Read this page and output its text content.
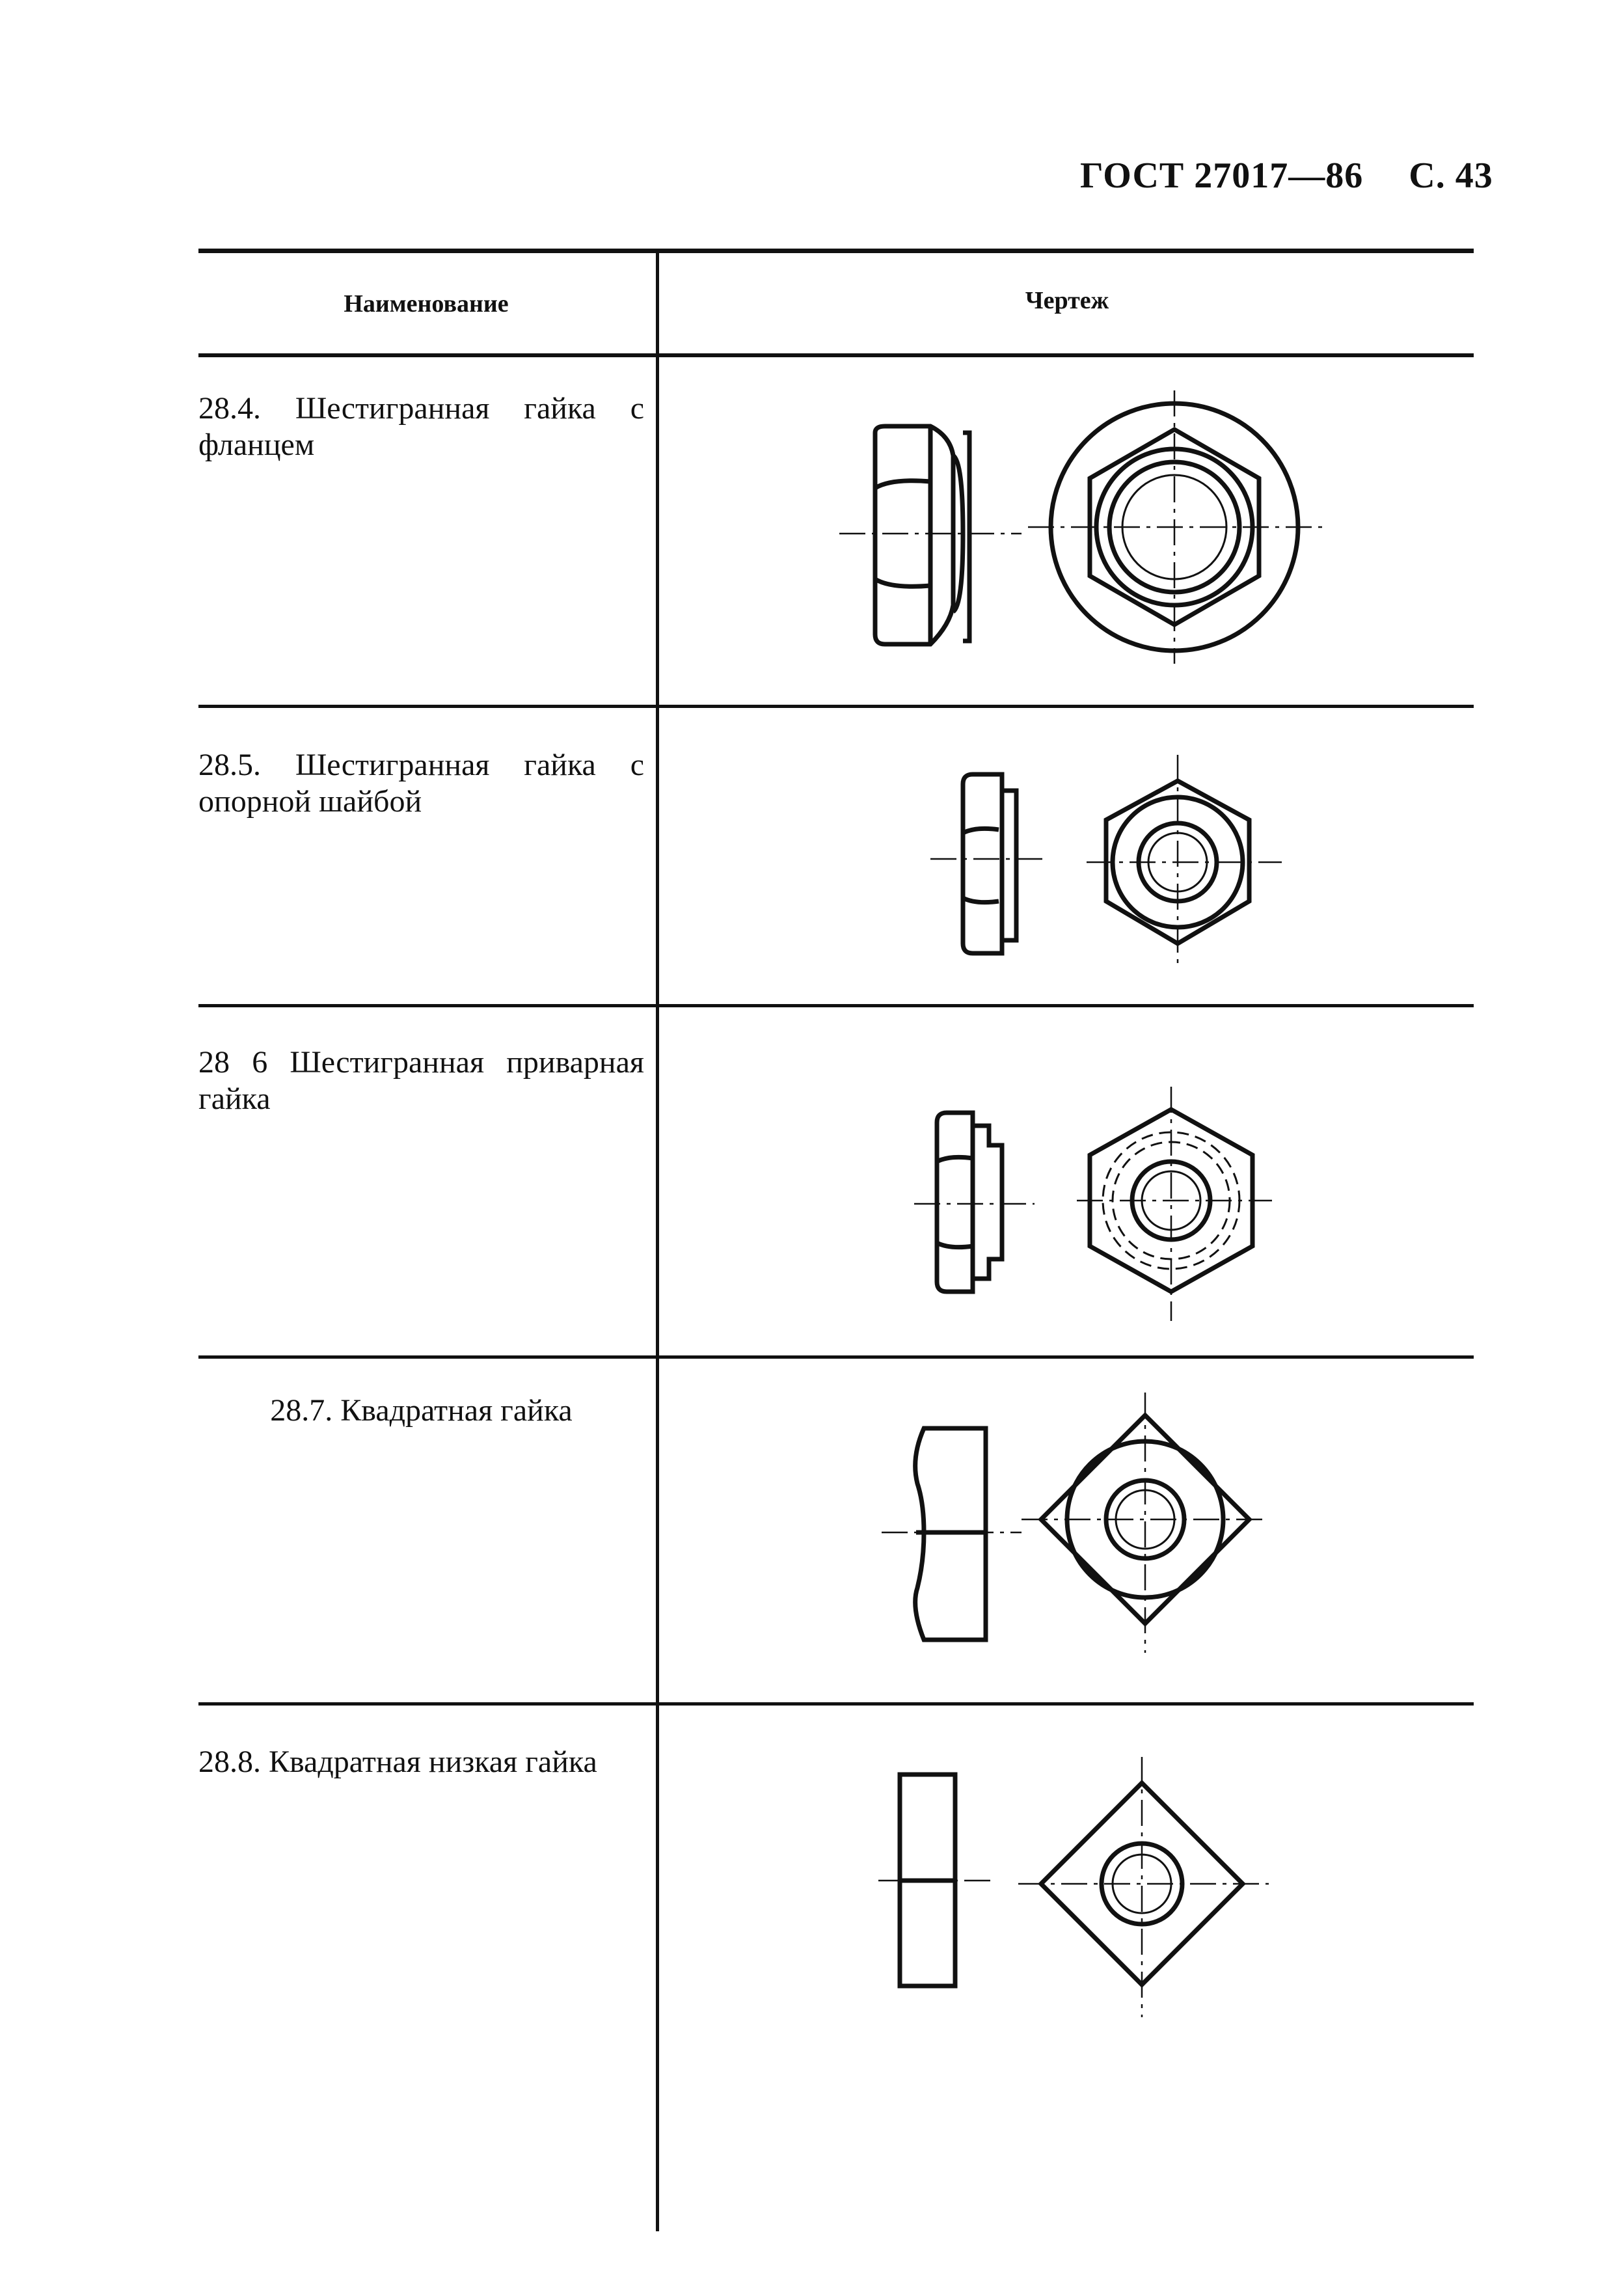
ГОСТ 27017—86 С. 43
Наименование	Чертеж
28.4. Шестигранная гайка с фланцем
28.5. Шестигранная гайка с опорной шайбой
28 6 Шестигранная приварная гайка
28.7. Квадратная гайка
28.8. Квадратная низкая гайка
